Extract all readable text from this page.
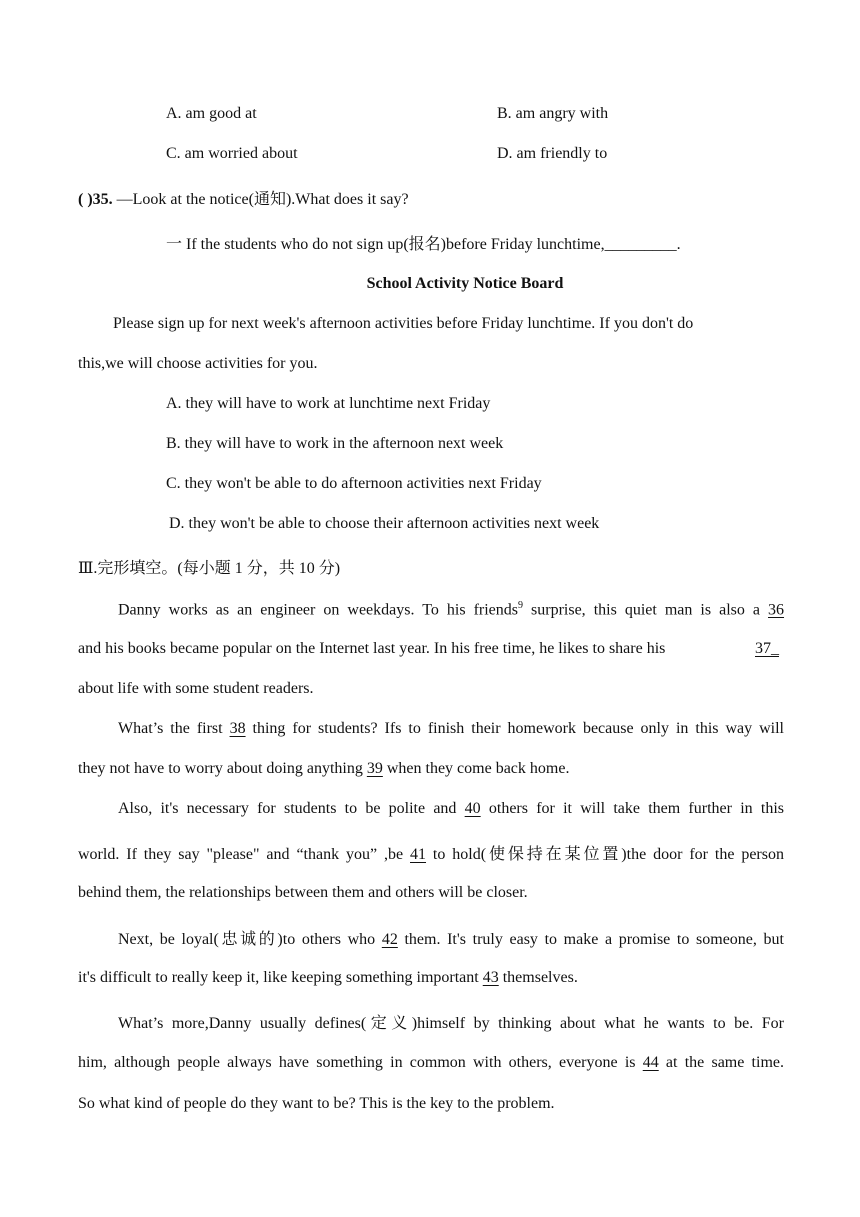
A. am good at	B. am angry with
C. am worried about	D. am friendly to
( )35. —Look at the notice(通知).What does it say?
一 If the students who do not sign up(报名)before Friday lunchtime,_________.
School Activity Notice Board
Please sign up for next week's afternoon activities before Friday lunchtime. If you don't do
this,we will choose activities for you.
A. they will have to work at lunchtime next Friday
B. they will have to work in the afternoon next week
C. they won't be able to do afternoon activities next Friday
D. they won't be able to choose their afternoon activities next week
Ⅲ.完形填空。(每小题 1 分，共 10 分)
Danny works as an engineer on weekdays. To his friends$^9$ surprise, this quiet man is also a 36
and his books became popular on the Internet last year. In his free time, he likes to share his	37_
about life with some student readers.
What’s the first 38 thing for students? Ifs to finish their homework because only in this way will
they not have to worry about doing anything 39 when they come back home.
Also, it's necessary for students to be polite and 40 others for it will take them further in this
world. If they say "please" and “thank you” ,be 41 to hold(使保持在某位置)the door for the person
behind them, the relationships between them and others will be closer.
Next, be loyal(忠诚的)to others who 42 them. It's truly easy to make a promise to someone, but
it's difficult to really keep it, like keeping something important 43 themselves.
What’s more,Danny usually defines(定义)himself by thinking about what he wants to be. For
him, although people always have something in common with others, everyone is 44 at the same time.
So what kind of people do they want to be? This is the key to the problem.
